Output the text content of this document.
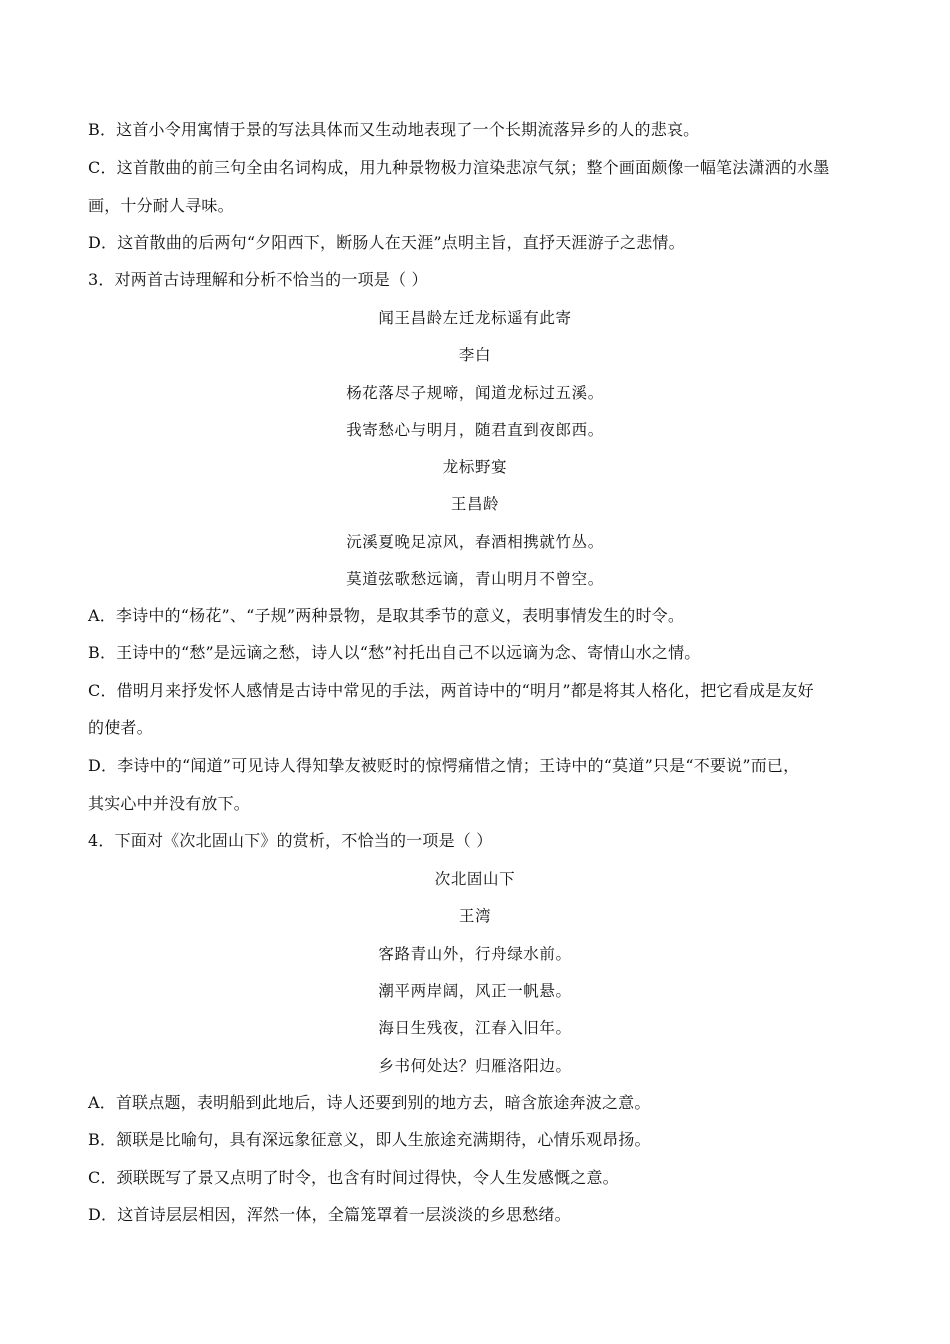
B．这首小令用寓情于景的写法具体而又生动地表现了一个长期流落异乡的人的悲哀。
C．这首散曲的前三句全由名词构成，用九种景物极力渲染悲凉气氛；整个画面颇像一幅笔法潇洒的水墨
画，十分耐人寻味。
D．这首散曲的后两句“夕阳西下，断肠人在天涯”点明主旨，直抒天涯游子之悲情。
3．对两首古诗理解和分析不恰当的一项是（ ）
闻王昌龄左迁龙标遥有此寄
李白
杨花落尽子规啼，闻道龙标过五溪。
我寄愁心与明月，随君直到夜郎西。
龙标野宴
王昌龄
沅溪夏晚足凉风，春酒相携就竹丛。
莫道弦歌愁远谪，青山明月不曾空。
A．李诗中的“杨花”、“子规”两种景物，是取其季节的意义，表明事情发生的时令。
B．王诗中的“愁”是远谪之愁，诗人以“愁”衬托出自己不以远谪为念、寄情山水之情。
C．借明月来抒发怀人感情是古诗中常见的手法，两首诗中的“明月”都是将其人格化，把它看成是友好
的使者。
D．李诗中的“闻道”可见诗人得知挚友被贬时的惊愕痛惜之情；王诗中的“莫道”只是“不要说”而已，
其实心中并没有放下。
4．下面对《次北固山下》的赏析，不恰当的一项是（ ）
次北固山下
王湾
客路青山外，行舟绿水前。
潮平两岸阔，风正一帆悬。
海日生残夜，江春入旧年。
乡书何处达？归雁洛阳边。
A．首联点题，表明船到此地后，诗人还要到别的地方去，暗含旅途奔波之意。
B．颔联是比喻句，具有深远象征意义，即人生旅途充满期待，心情乐观昂扬。
C．颈联既写了景又点明了时令，也含有时间过得快，令人生发感慨之意。
D．这首诗层层相因，浑然一体，全篇笼罩着一层淡淡的乡思愁绪。
